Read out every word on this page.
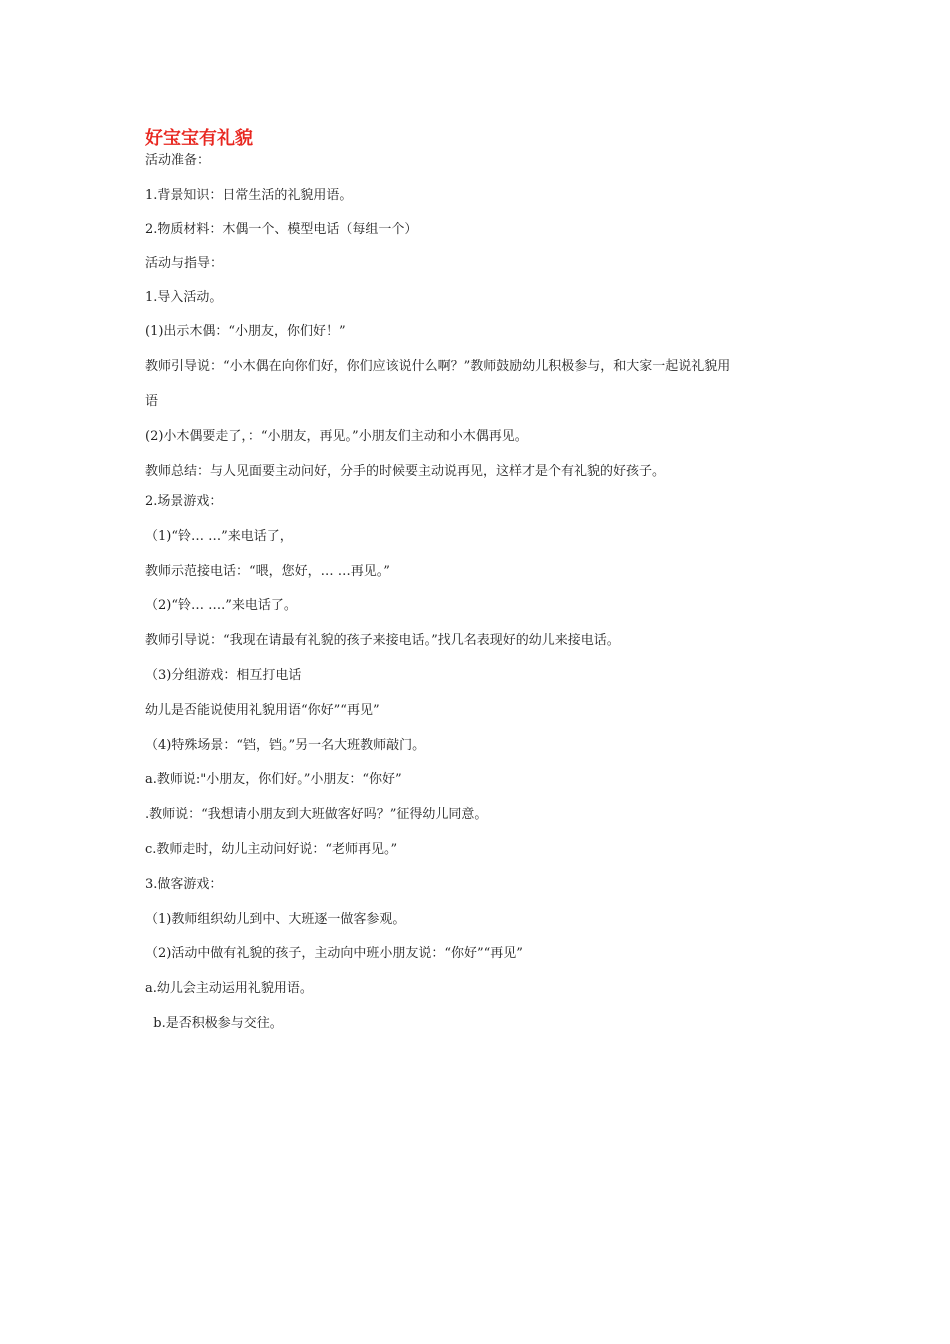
好宝宝有礼貌
活动准备：
1.背景知识：日常生活的礼貌用语。
2.物质材料：木偶一个、模型电话（每组一个）
活动与指导：
1.导入活动。
(1)出示木偶：“小朋友，你们好！”
教师引导说：“小木偶在向你们好，你们应该说什么啊？”教师鼓励幼儿积极参与，和大家一起说礼貌用
语
(2)小木偶要走了，：“小朋友，再见。”小朋友们主动和小木偶再见。
教师总结：与人见面要主动问好，分手的时候要主动说再见，这样才是个有礼貌的好孩子。
2.场景游戏：
（1)“铃… …”来电话了，
教师示范接电话：“喂，您好，… …再见。”
（2)“铃… ….”来电话了。
教师引导说：“我现在请最有礼貌的孩子来接电话。”找几名表现好的幼儿来接电话。
（3)分组游戏：相互打电话
幼儿是否能说使用礼貌用语“你好”“再见”
（4)特殊场景：“铛，铛。”另一名大班教师敲门。
a.教师说:"小朋友，你们好。”小朋友：“你好”
.教师说：“我想请小朋友到大班做客好吗？”征得幼儿同意。
c.教师走时，幼儿主动问好说：“老师再见。”
3.做客游戏：
（1)教师组织幼儿到中、大班逐一做客参观。
（2)活动中做有礼貌的孩子，主动向中班小朋友说：“你好”“再见”
a.幼儿会主动运用礼貌用语。
b.是否积极参与交往。
